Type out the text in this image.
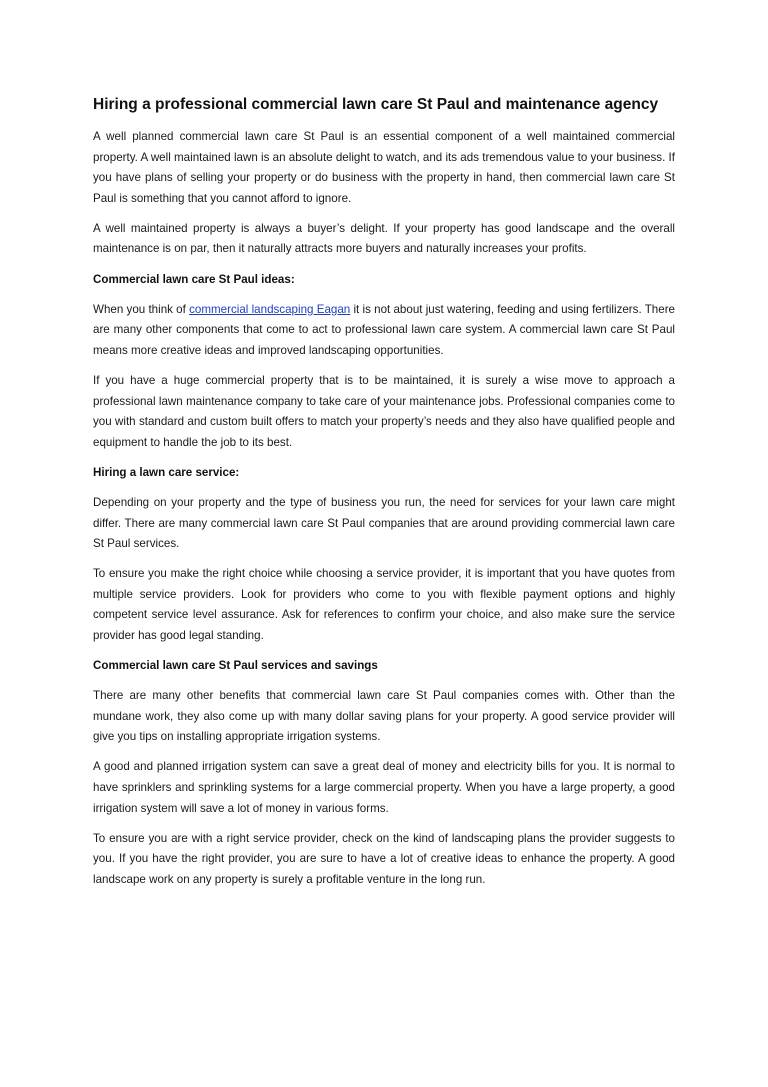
Hiring a professional commercial lawn care St Paul and maintenance agency

A well planned commercial lawn care St Paul is an essential component of a well maintained commercial property. A well maintained lawn is an absolute delight to watch, and its ads tremendous value to your business. If you have plans of selling your property or do business with the property in hand, then commercial lawn care St Paul is something that you cannot afford to ignore.

A well maintained property is always a buyer’s delight. If your property has good landscape and the overall maintenance is on par, then it naturally attracts more buyers and naturally increases your profits.

Commercial lawn care St Paul ideas:

When you think of commercial landscaping Eagan it is not about just watering, feeding and using fertilizers. There are many other components that come to act to professional lawn care system. A commercial lawn care St Paul means more creative ideas and improved landscaping opportunities.

If you have a huge commercial property that is to be maintained, it is surely a wise move to approach a professional lawn maintenance company to take care of your maintenance jobs. Professional companies come to you with standard and custom built offers to match your property’s needs and they also have qualified people and equipment to handle the job to its best.

Hiring a lawn care service:

Depending on your property and the type of business you run, the need for services for your lawn care might differ. There are many commercial lawn care St Paul companies that are around providing commercial lawn care St Paul services.

To ensure you make the right choice while choosing a service provider, it is important that you have quotes from multiple service providers. Look for providers who come to you with flexible payment options and highly competent service level assurance. Ask for references to confirm your choice, and also make sure the service provider has good legal standing.

Commercial lawn care St Paul services and savings

There are many other benefits that commercial lawn care St Paul companies comes with. Other than the mundane work, they also come up with many dollar saving plans for your property. A good service provider will give you tips on installing appropriate irrigation systems.

A good and planned irrigation system can save a great deal of money and electricity bills for you. It is normal to have sprinklers and sprinkling systems for a large commercial property. When you have a large property, a good irrigation system will save a lot of money in various forms.

To ensure you are with a right service provider, check on the kind of landscaping plans the provider suggests to you. If you have the right provider, you are sure to have a lot of creative ideas to enhance the property. A good landscape work on any property is surely a profitable venture in the long run.
